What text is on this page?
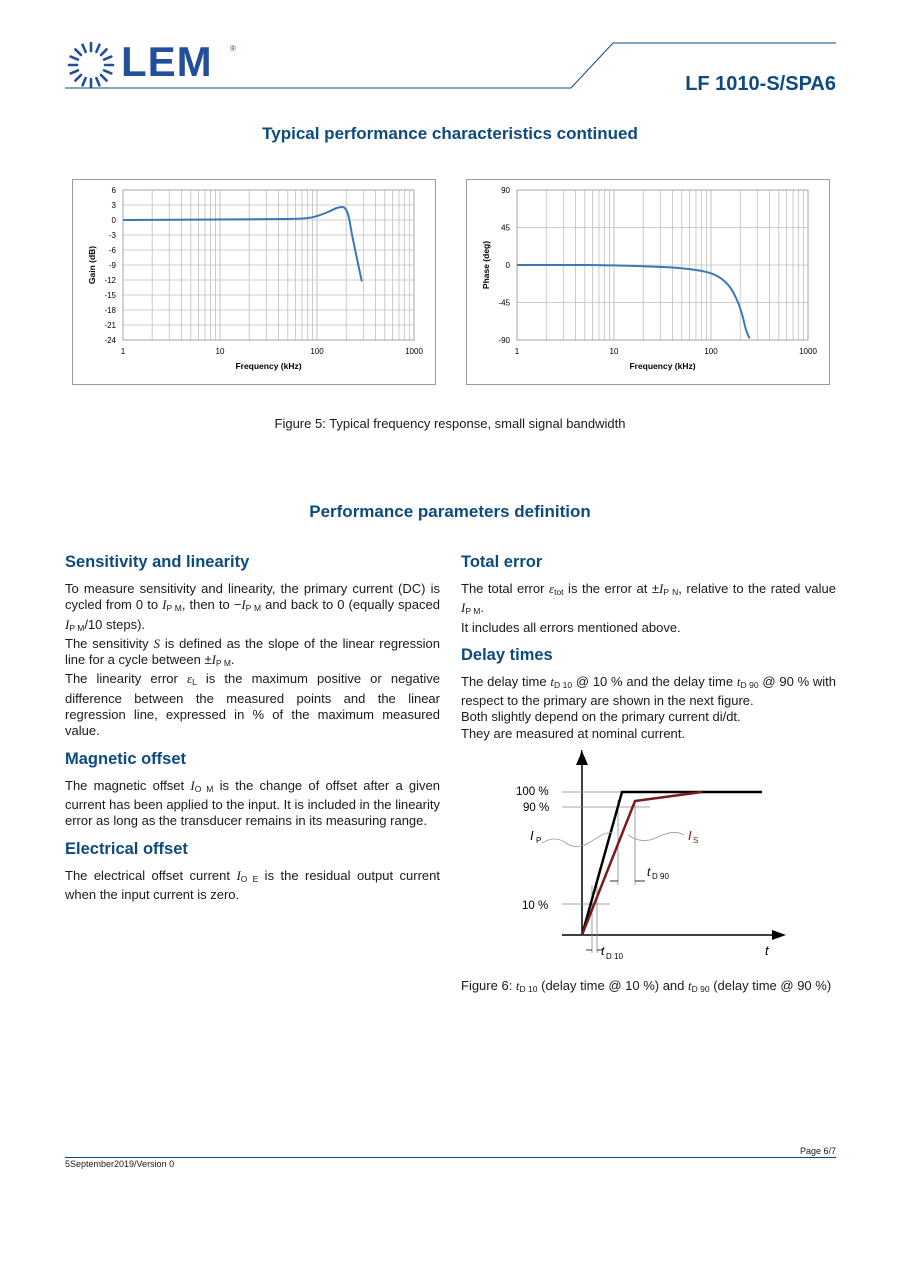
LEM ®
LF 1010-S/SPA6
Typical performance characteristics continued
6
3
0
-3
-6
-9
-12
-15
-18
-21
-24
1	10	100	1000
Frequency (kHz)
Gain (dB)
90
45
0
-45
-90
1	10	100	1000
Frequency (kHz)
Phase (deg)
Figure 5: Typical frequency response, small signal bandwidth
Performance parameters definition
Sensitivity and linearity

To measure sensitivity and linearity, the primary current (DC) is cycled from 0 to $I_{P M}$, then to $-I_{P M}$ and back to 0 (equally spaced $I_{P M}/10$ steps).

The sensitivity S is defined as the slope of the linear regression line for a cycle between $\pm I_{P M}$.

The linearity error $\varepsilon_L$ is the maximum positive or negative difference between the measured points and the linear regression line, expressed in % of the maximum measured value.

Magnetic offset

The magnetic offset $I_{O M}$ is the change of offset after a given current has been applied to the input. It is included in the linearity error as long as the transducer remains in its measuring range.

Electrical offset

The electrical offset current $I_{O E}$ is the residual output current when the input current is zero.

Total error

The total error $\varepsilon_{tot}$ is the error at $\pm I_{P N}$, relative to the rated value $I_{P M}$.

It includes all errors mentioned above.

Delay times

The delay time $t_{D 10}$ @ 10 % and the delay time $t_{D 90}$ @ 90 % with respect to the primary are shown in the next figure.

Both slightly depend on the primary current di/dt.

They are measured at nominal current.

I
t
100 %
90 %
10 %
I P	I S
t D 90
t D 10
Figure 6: $t_{D 10}$ (delay time @ 10 %) and $t_{D 90}$ (delay time @ 90 %)
Page 6/7
5September2019/Version 0
